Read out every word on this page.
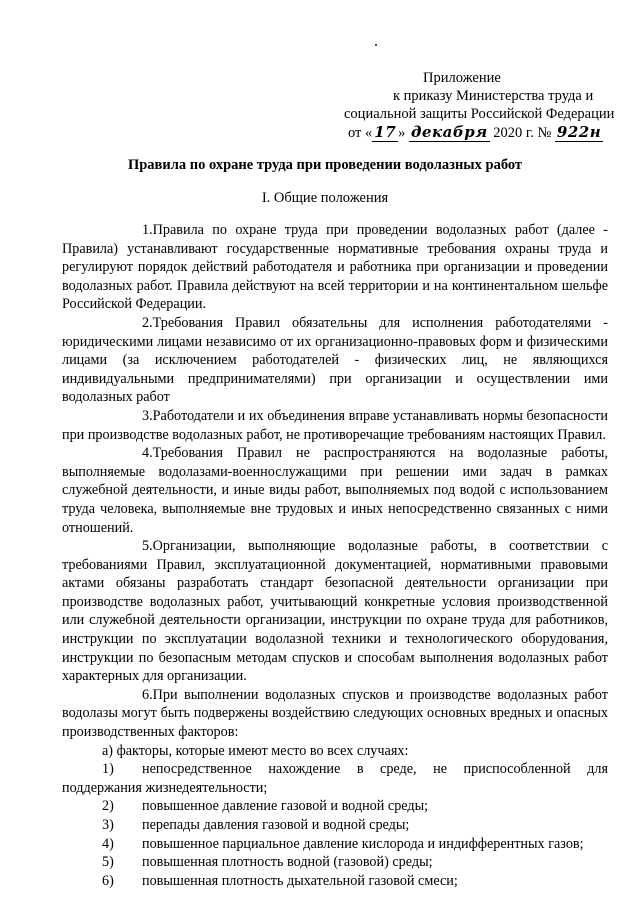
Приложение
к приказу Министерства труда и
социальной защиты Российской Федерации
от « 17 » декабря 2020 г. № 922н
Правила по охране труда при проведении водолазных работ
I. Общие положения

1.Правила по охране труда при проведении водолазных работ (далее - Правила) устанавливают государственные нормативные требования охраны труда и регулируют порядок действий работодателя и работника при организации и проведении водолазных работ. Правила действуют на всей территории и на континентальном шельфе Российской Федерации.

2.Требования Правил обязательны для исполнения работодателями - юридическими лицами независимо от их организационно-правовых форм и физическими лицами (за исключением работодателей - физических лиц, не являющихся индивидуальными предпринимателями) при организации и осуществлении ими водолазных работ

3.Работодатели и их объединения вправе устанавливать нормы безопасности при производстве водолазных работ, не противоречащие требованиям настоящих Правил.

4.Требования Правил не распространяются на водолазные работы, выполняемые водолазами-военнослужащими при решении ими задач в рамках служебной деятельности, и иные виды работ, выполняемых под водой с использованием труда человека, выполняемые вне трудовых и иных непосредственно связанных с ними отношений.

5.Организации, выполняющие водолазные работы, в соответствии с требованиями Правил, эксплуатационной документацией, нормативными правовыми актами обязаны разработать стандарт безопасной деятельности организации при производстве водолазных работ, учитывающий конкретные условия производственной или служебной деятельности организации, инструкции по охране труда для работников, инструкции по эксплуатации водолазной техники и технологического оборудования, инструкции по безопасным методам спусков и способам выполнения водолазных работ характерных для организации.

6.При выполнении водолазных спусков и производстве водолазных работ водолазы могут быть подвержены воздействию следующих основных вредных и опасных производственных факторов:

а) факторы, которые имеют место во всех случаях:

1) непосредственное нахождение в среде, не приспособленной для поддержания жизнедеятельности;

2) повышенное давление газовой и водной среды;

3) перепады давления газовой и водной среды;

4) повышенное парциальное давление кислорода и индифферентных газов;

5) повышенная плотность водной (газовой) среды;

6) повышенная плотность дыхательной газовой смеси;
